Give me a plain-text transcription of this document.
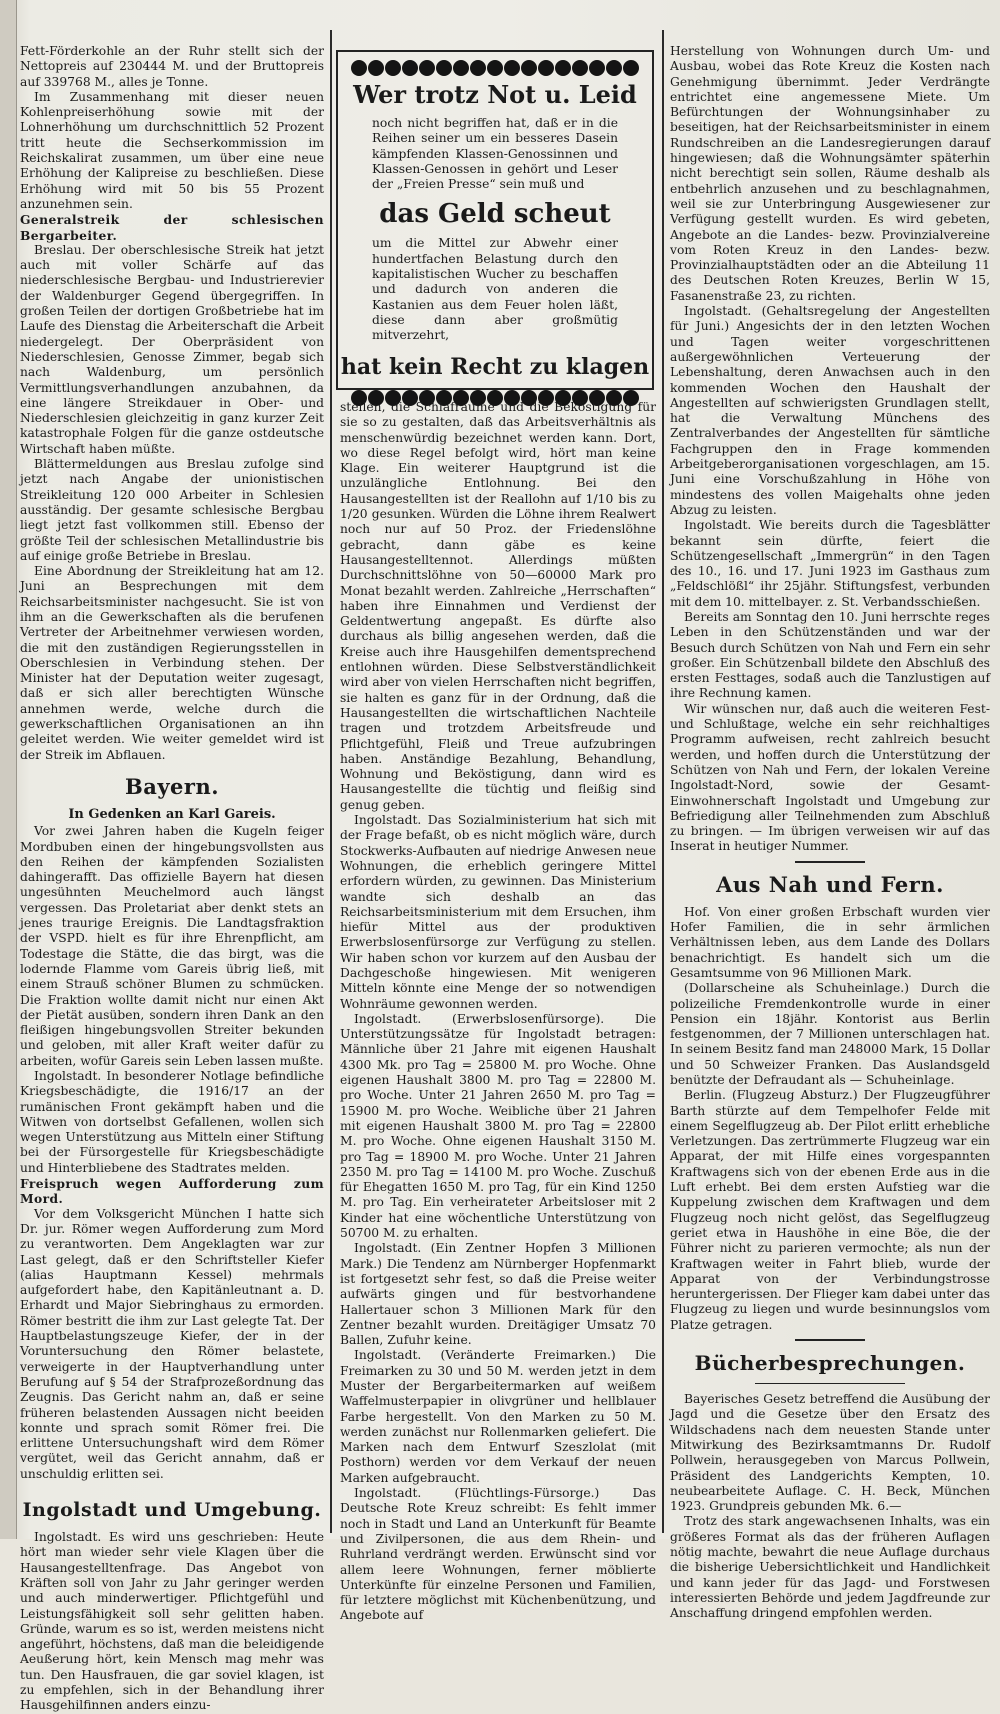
Fett-Förderkohle an der Ruhr stellt sich der Nettopreis auf 230444 M. und der Bruttopreis auf 339768 M., alles je Tonne.

Im Zusammenhang mit dieser neuen Kohlenpreiserhöhung sowie mit der Lohnerhöhung um durchschnittlich 52 Prozent tritt heute die Sechserkommission im Reichskalirat zusammen, um über eine neue Erhöhung der Kalipreise zu beschließen. Diese Erhöhung wird mit 50 bis 55 Prozent anzunehmen sein.

Generalstreik der schlesischen Bergarbeiter.

Breslau. Der oberschlesische Streik hat jetzt auch mit voller Schärfe auf das niederschlesische Bergbau- und Industrierevier der Waldenburger Gegend übergegriffen. In großen Teilen der dortigen Großbetriebe hat im Laufe des Dienstag die Arbeiterschaft die Arbeit niedergelegt. Der Oberpräsident von Niederschlesien, Genosse Zimmer, begab sich nach Waldenburg, um persönlich Vermittlungsverhandlungen anzubahnen, da eine längere Streikdauer in Ober- und Niederschlesien gleichzeitig in ganz kurzer Zeit katastrophale Folgen für die ganze ostdeutsche Wirtschaft haben müßte.

Blättermeldungen aus Breslau zufolge sind jetzt nach Angabe der unionistischen Streikleitung 120 000 Arbeiter in Schlesien ausständig. Der gesamte schlesische Bergbau liegt jetzt fast vollkommen still. Ebenso der größte Teil der schlesischen Metallindustrie bis auf einige große Betriebe in Breslau.

Eine Abordnung der Streikleitung hat am 12. Juni an Besprechungen mit dem Reichsarbeitsminister nachgesucht. Sie ist von ihm an die Gewerkschaften als die berufenen Vertreter der Arbeitnehmer verwiesen worden, die mit den zuständigen Regierungsstellen in Oberschlesien in Verbindung stehen. Der Minister hat der Deputation weiter zugesagt, daß er sich aller berechtigten Wünsche annehmen werde, welche durch die gewerkschaftlichen Organisationen an ihn geleitet werden. Wie weiter gemeldet wird ist der Streik im Abflauen.

Bayern.
In Gedenken an Karl Gareis.

Vor zwei Jahren haben die Kugeln feiger Mordbuben einen der hingebungsvollsten aus den Reihen der kämpfenden Sozialisten dahingerafft. Das offizielle Bayern hat diesen ungesühnten Meuchelmord auch längst vergessen. Das Proletariat aber denkt stets an jenes traurige Ereignis. Die Landtagsfraktion der VSPD. hielt es für ihre Ehrenpflicht, am Todestage die Stätte, die das birgt, was die lodernde Flamme vom Gareis übrig ließ, mit einem Strauß schöner Blumen zu schmücken. Die Fraktion wollte damit nicht nur einen Akt der Pietät ausüben, sondern ihren Dank an den fleißigen hingebungsvollen Streiter bekunden und geloben, mit aller Kraft weiter dafür zu arbeiten, wofür Gareis sein Leben lassen mußte.

Ingolstadt. In besonderer Notlage befindliche Kriegsbeschädigte, die 1916/17 an der rumänischen Front gekämpft haben und die Witwen von dortselbst Gefallenen, wollen sich wegen Unterstützung aus Mitteln einer Stiftung bei der Fürsorgestelle für Kriegsbeschädigte und Hinterbliebene des Stadtrates melden.

Freispruch wegen Aufforderung zum Mord.

Vor dem Volksgericht München I hatte sich Dr. jur. Römer wegen Aufforderung zum Mord zu verantworten. Dem Angeklagten war zur Last gelegt, daß er den Schriftsteller Kiefer (alias Hauptmann Kessel) mehrmals aufgefordert habe, den Kapitänleutnant a. D. Erhardt und Major Siebringhaus zu ermorden. Römer bestritt die ihm zur Last gelegte Tat. Der Hauptbelastungszeuge Kiefer, der in der Voruntersuchung den Römer belastete, verweigerte in der Hauptverhandlung unter Berufung auf § 54 der Strafprozeßordnung das Zeugnis. Das Gericht nahm an, daß er seine früheren belastenden Aussagen nicht beeiden konnte und sprach somit Römer frei. Die erlittene Untersuchungshaft wird dem Römer vergütet, weil das Gericht annahm, daß er unschuldig erlitten sei.

Ingolstadt und Umgebung.

Ingolstadt. Es wird uns geschrieben: Heute hört man wieder sehr viele Klagen über die Hausangestelltenfrage. Das Angebot von Kräften soll von Jahr zu Jahr geringer werden und auch minderwertiger. Pflichtgefühl und Leistungsfähigkeit soll sehr gelitten haben. Gründe, warum es so ist, werden meistens nicht angeführt, höchstens, daß man die beleidigende Aeußerung hört, kein Mensch mag mehr was tun. Den Hausfrauen, die gar soviel klagen, ist zu empfehlen, sich in der Behandlung ihrer Hausgehilfinnen anders einzu-

Wer trotz Not u. Leid
noch nicht begriffen hat, daß er in die Reihen seiner um ein besseres Dasein kämpfenden Klassen-Genossinnen und Klassen-Genossen in gehört und Leser der „Freien Presse“ sein muß und
das Geld scheut
um die Mittel zur Abwehr einer hundertfachen Belastung durch den kapitalistischen Wucher zu beschaffen und dadurch von anderen die Kastanien aus dem Feuer holen läßt, diese dann aber großmütig mitverzehrt,
hat kein Recht zu klagen

stellen, die Schlafräume und die Beköstigung für sie so zu gestalten, daß das Arbeitsverhältnis als menschenwürdig bezeichnet werden kann. Dort, wo diese Regel befolgt wird, hört man keine Klage. Ein weiterer Hauptgrund ist die unzulängliche Entlohnung. Bei den Hausangestellten ist der Reallohn auf 1/10 bis zu 1/20 gesunken. Würden die Löhne ihrem Realwert noch nur auf 50 Proz. der Friedenslöhne gebracht, dann gäbe es keine Hausangestelltennot. Allerdings müßten Durchschnittslöhne von 50—60000 Mark pro Monat bezahlt werden. Zahlreiche „Herrschaften“ haben ihre Einnahmen und Verdienst der Geldentwertung angepaßt. Es dürfte also durchaus als billig angesehen werden, daß die Kreise auch ihre Hausgehilfen dementsprechend entlohnen würden. Diese Selbstverständlichkeit wird aber von vielen Herrschaften nicht begriffen, sie halten es ganz für in der Ordnung, daß die Hausangestellten die wirtschaftlichen Nachteile tragen und trotzdem Arbeitsfreude und Pflichtgefühl, Fleiß und Treue aufzubringen haben. Anständige Bezahlung, Behandlung, Wohnung und Beköstigung, dann wird es Hausangestellte die tüchtig und fleißig sind genug geben.

Ingolstadt. Das Sozialministerium hat sich mit der Frage befaßt, ob es nicht möglich wäre, durch Stockwerks-Aufbauten auf niedrige Anwesen neue Wohnungen, die erheblich geringere Mittel erfordern würden, zu gewinnen. Das Ministerium wandte sich deshalb an das Reichsarbeitsministerium mit dem Ersuchen, ihm hiefür Mittel aus der produktiven Erwerbslosenfürsorge zur Verfügung zu stellen. Wir haben schon vor kurzem auf den Ausbau der Dachgeschoße hingewiesen. Mit wenigeren Mitteln könnte eine Menge der so notwendigen Wohnräume gewonnen werden.

Ingolstadt. (Erwerbslosenfürsorge). Die Unterstützungssätze für Ingolstadt betragen: Männliche über 21 Jahre mit eigenen Haushalt 4300 Mk. pro Tag = 25800 M. pro Woche. Ohne eigenen Haushalt 3800 M. pro Tag = 22800 M. pro Woche. Unter 21 Jahren 2650 M. pro Tag = 15900 M. pro Woche. Weibliche über 21 Jahren mit eigenen Haushalt 3800 M. pro Tag = 22800 M. pro Woche. Ohne eigenen Haushalt 3150 M. pro Tag = 18900 M. pro Woche. Unter 21 Jahren 2350 M. pro Tag = 14100 M. pro Woche. Zuschuß für Ehegatten 1650 M. pro Tag, für ein Kind 1250 M. pro Tag. Ein verheirateter Arbeitsloser mit 2 Kinder hat eine wöchentliche Unterstützung von 50700 M. zu erhalten.

Ingolstadt. (Ein Zentner Hopfen 3 Millionen Mark.) Die Tendenz am Nürnberger Hopfenmarkt ist fortgesetzt sehr fest, so daß die Preise weiter aufwärts gingen und für bestvorhandene Hallertauer schon 3 Millionen Mark für den Zentner bezahlt wurden. Dreitägiger Umsatz 70 Ballen, Zufuhr keine.

Ingolstadt. (Veränderte Freimarken.) Die Freimarken zu 30 und 50 M. werden jetzt in dem Muster der Bergarbeitermarken auf weißem Waffelmusterpapier in olivgrüner und hellblauer Farbe hergestellt. Von den Marken zu 50 M. werden zunächst nur Rollenmarken geliefert. Die Marken nach dem Entwurf Szeszlolat (mit Posthorn) werden vor dem Verkauf der neuen Marken aufgebraucht.

Ingolstadt. (Flüchtlings-Fürsorge.) Das Deutsche Rote Kreuz schreibt: Es fehlt immer noch in Stadt und Land an Unterkunft für Beamte und Zivilpersonen, die aus dem Rhein- und Ruhrland verdrängt werden. Erwünscht sind vor allem leere Wohnungen, ferner möblierte Unterkünfte für einzelne Personen und Familien, für letztere möglichst mit Küchenbenützung, und Angebote auf

Herstellung von Wohnungen durch Um- und Ausbau, wobei das Rote Kreuz die Kosten nach Genehmigung übernimmt. Jeder Verdrängte entrichtet eine angemessene Miete. Um Befürchtungen der Wohnungsinhaber zu beseitigen, hat der Reichsarbeitsminister in einem Rundschreiben an die Landesregierungen darauf hingewiesen; daß die Wohnungsämter späterhin nicht berechtigt sein sollen, Räume deshalb als entbehrlich anzusehen und zu beschlagnahmen, weil sie zur Unterbringung Ausgewiesener zur Verfügung gestellt wurden. Es wird gebeten, Angebote an die Landes- bezw. Provinzialvereine vom Roten Kreuz in den Landes- bezw. Provinzialhauptstädten oder an die Abteilung 11 des Deutschen Roten Kreuzes, Berlin W 15, Fasanenstraße 23, zu richten.

Ingolstadt. (Gehaltsregelung der Angestellten für Juni.) Angesichts der in den letzten Wochen und Tagen weiter vorgeschrittenen außergewöhnlichen Verteuerung der Lebenshaltung, deren Anwachsen auch in den kommenden Wochen den Haushalt der Angestellten auf schwierigsten Grundlagen stellt, hat die Verwaltung Münchens des Zentralverbandes der Angestellten für sämtliche Fachgruppen den in Frage kommenden Arbeitgeberorganisationen vorgeschlagen, am 15. Juni eine Vorschußzahlung in Höhe von mindestens des vollen Maigehalts ohne jeden Abzug zu leisten.

Ingolstadt. Wie bereits durch die Tagesblätter bekannt sein dürfte, feiert die Schützengesellschaft „Immergrün“ in den Tagen des 10., 16. und 17. Juni 1923 im Gasthaus zum „Feldschlößl“ ihr 25jähr. Stiftungsfest, verbunden mit dem 10. mittelbayer. z. St. Verbandsschießen.

Bereits am Sonntag den 10. Juni herrschte reges Leben in den Schützenständen und war der Besuch durch Schützen von Nah und Fern ein sehr großer. Ein Schützenball bildete den Abschluß des ersten Festtages, sodaß auch die Tanzlustigen auf ihre Rechnung kamen.

Wir wünschen nur, daß auch die weiteren Fest- und Schlußtage, welche ein sehr reichhaltiges Programm aufweisen, recht zahlreich besucht werden, und hoffen durch die Unterstützung der Schützen von Nah und Fern, der lokalen Vereine Ingolstadt-Nord, sowie der Gesamt-Einwohnerschaft Ingolstadt und Umgebung zur Befriedigung aller Teilnehmenden zum Abschluß zu bringen. — Im übrigen verweisen wir auf das Inserat in heutiger Nummer.

Aus Nah und Fern.

Hof. Von einer großen Erbschaft wurden vier Hofer Familien, die in sehr ärmlichen Verhältnissen leben, aus dem Lande des Dollars benachrichtigt. Es handelt sich um die Gesamtsumme von 96 Millionen Mark.

(Dollarscheine als Schuheinlage.) Durch die polizeiliche Fremdenkontrolle wurde in einer Pension ein 18jähr. Kontorist aus Berlin festgenommen, der 7 Millionen unterschlagen hat. In seinem Besitz fand man 248000 Mark, 15 Dollar und 50 Schweizer Franken. Das Auslandsgeld benützte der Defraudant als — Schuheinlage.

Berlin. (Flugzeug Absturz.) Der Flugzeugführer Barth stürzte auf dem Tempelhofer Felde mit einem Segelflugzeug ab. Der Pilot erlitt erhebliche Verletzungen. Das zertrümmerte Flugzeug war ein Apparat, der mit Hilfe eines vorgespannten Kraftwagens sich von der ebenen Erde aus in die Luft erhebt. Bei dem ersten Aufstieg war die Kuppelung zwischen dem Kraftwagen und dem Flugzeug noch nicht gelöst, das Segelflugzeug geriet etwa in Haushöhe in eine Böe, die der Führer nicht zu parieren vermochte; als nun der Kraftwagen weiter in Fahrt blieb, wurde der Apparat von der Verbindungstrosse heruntergerissen. Der Flieger kam dabei unter das Flugzeug zu liegen und wurde besinnungslos vom Platze getragen.

Bücherbesprechungen.

Bayerisches Gesetz betreffend die Ausübung der Jagd und die Gesetze über den Ersatz des Wildschadens nach dem neuesten Stande unter Mitwirkung des Bezirksamtmanns Dr. Rudolf Pollwein, herausgegeben von Marcus Pollwein, Präsident des Landgerichts Kempten, 10. neubearbeitete Auflage. C. H. Beck, München 1923. Grundpreis gebunden Mk. 6.—

Trotz des stark angewachsenen Inhalts, was ein größeres Format als das der früheren Auflagen nötig machte, bewahrt die neue Auflage durchaus die bisherige Uebersichtlichkeit und Handlichkeit und kann jeder für das Jagd- und Forstwesen interessierten Behörde und jedem Jagdfreunde zur Anschaffung dringend empfohlen werden.
